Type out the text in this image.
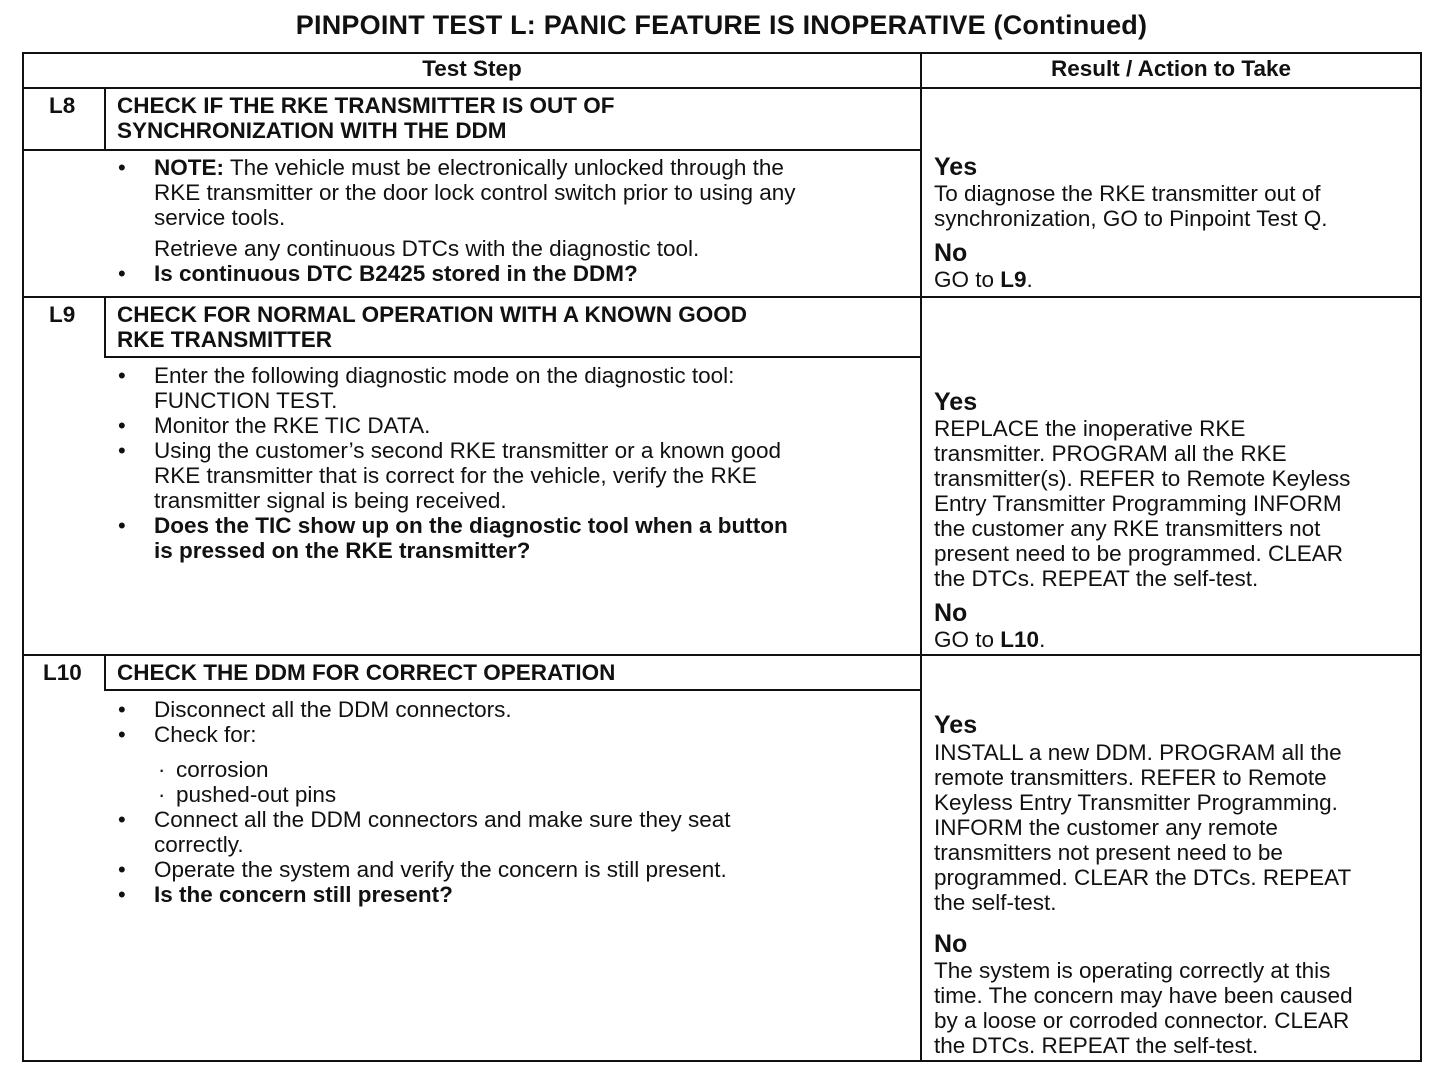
PINPOINT TEST L: PANIC FEATURE IS INOPERATIVE (Continued)
Test Step	Result / Action to Take
L8 CHECK IF THE RKE TRANSMITTER IS OUT OF
SYNCHRONIZATION WITH THE DDM
• NOTE: The vehicle must be electronically unlocked through the
RKE transmitter or the door lock control switch prior to using any
service tools.
Retrieve any continuous DTCs with the diagnostic tool.
• Is continuous DTC B2425 stored in the DDM?
Yes
To diagnose the RKE transmitter out of
synchronization, GO to Pinpoint Test Q.
No
GO to L9.
L9 CHECK FOR NORMAL OPERATION WITH A KNOWN GOOD
RKE TRANSMITTER
• Enter the following diagnostic mode on the diagnostic tool:
FUNCTION TEST.
• Monitor the RKE TIC DATA.
• Using the customer’s second RKE transmitter or a known good
RKE transmitter that is correct for the vehicle, verify the RKE
transmitter signal is being received.
• Does the TIC show up on the diagnostic tool when a button
is pressed on the RKE transmitter?
Yes
REPLACE the inoperative RKE
transmitter. PROGRAM all the RKE
transmitter(s). REFER to Remote Keyless
Entry Transmitter Programming INFORM
the customer any RKE transmitters not
present need to be programmed. CLEAR
the DTCs. REPEAT the self-test.
No
GO to L10.
L10 CHECK THE DDM FOR CORRECT OPERATION
• Disconnect all the DDM connectors.
• Check for:
· corrosion
· pushed-out pins
• Connect all the DDM connectors and make sure they seat
correctly.
• Operate the system and verify the concern is still present.
• Is the concern still present?
Yes
INSTALL a new DDM. PROGRAM all the
remote transmitters. REFER to Remote
Keyless Entry Transmitter Programming.
INFORM the customer any remote
transmitters not present need to be
programmed. CLEAR the DTCs. REPEAT
the self-test.
No
The system is operating correctly at this
time. The concern may have been caused
by a loose or corroded connector. CLEAR
the DTCs. REPEAT the self-test.
